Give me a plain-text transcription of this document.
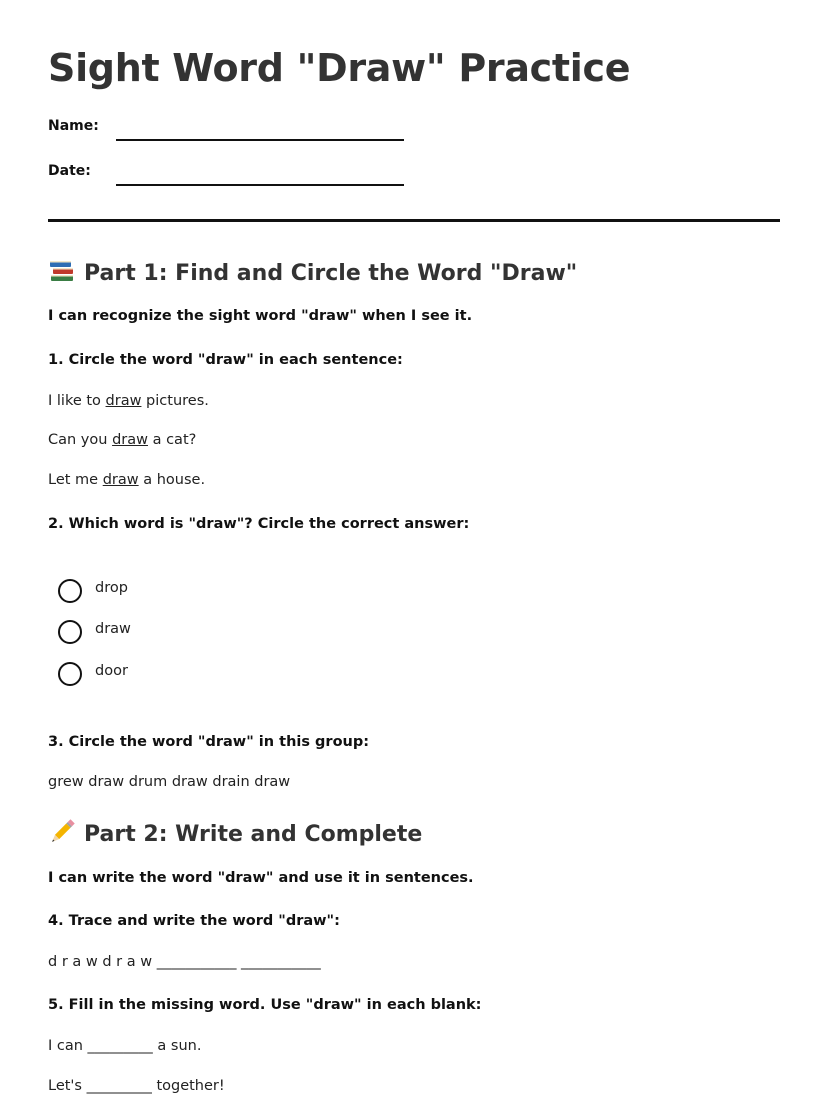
Sight Word "Draw" Practice
Name:
Date:
Part 1: Find and Circle the Word "Draw"
I can recognize the sight word "draw" when I see it.
1. Circle the word "draw" in each sentence:
I like to draw pictures.
Can you draw a cat?
Let me draw a house.
2. Which word is "draw"? Circle the correct answer:
drop
draw
door
3. Circle the word "draw" in this group:
grew draw drum draw drain draw
Part 2: Write and Complete
I can write the word "draw" and use it in sentences.
4. Trace and write the word "draw":
d r a w d r a w ___________ ___________
5. Fill in the missing word. Use "draw" in each blank:
I can _________ a sun.
Let's _________ together!
